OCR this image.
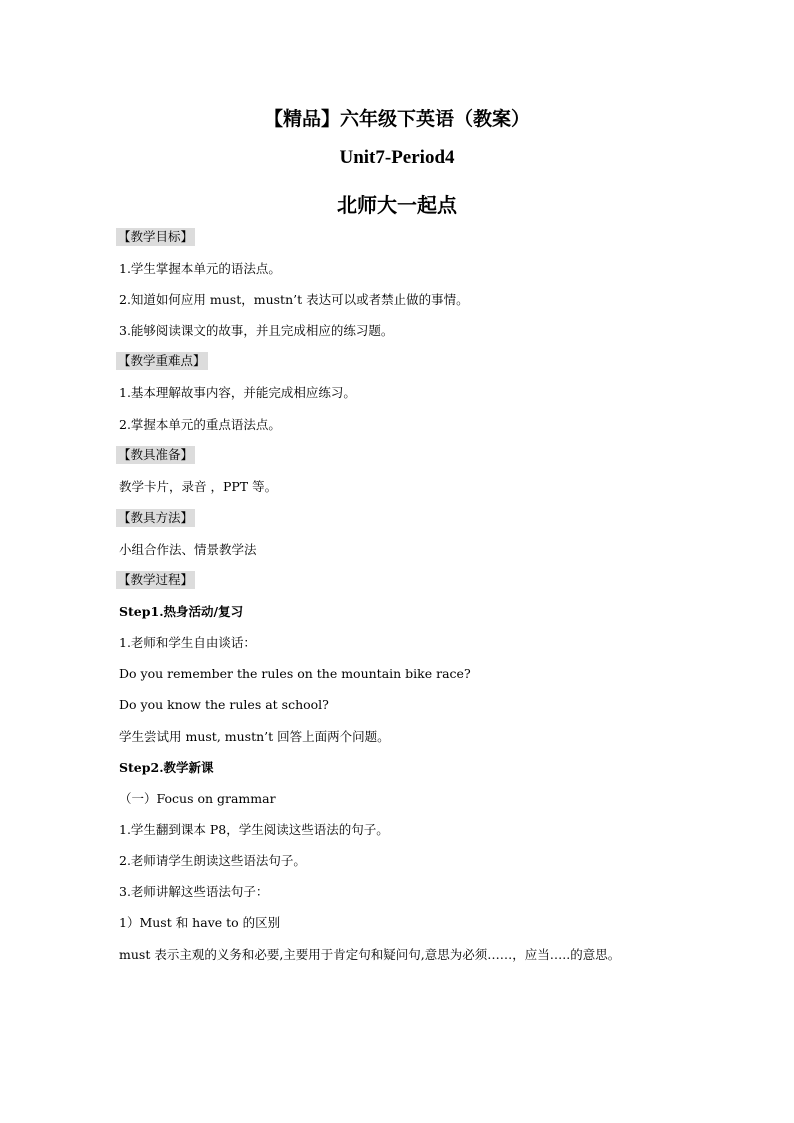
【精品】六年级下英语（教案）
Unit7-Period4
北师大一起点
【教学目标】
1.学生掌握本单元的语法点。
2.知道如何应用 must，mustn’t 表达可以或者禁止做的事情。
3.能够阅读课文的故事，并且完成相应的练习题。
【教学重难点】
1.基本理解故事内容，并能完成相应练习。
2.掌握本单元的重点语法点。
【教具准备】
教学卡片，录音 ，PPT 等。
【教具方法】
小组合作法、情景教学法
【教学过程】
Step1.热身活动/复习
1.老师和学生自由谈话：
Do you remember the rules on the mountain bike race?
Do you know the rules at school?
学生尝试用 must, mustn’t 回答上面两个问题。
Step2.教学新课
（一）Focus on grammar
1.学生翻到课本 P8，学生阅读这些语法的句子。
2.老师请学生朗读这些语法句子。
3.老师讲解这些语法句子：
1）Must 和 have to 的区别
must 表示主观的义务和必要,主要用于肯定句和疑问句,意思为必须……，应当…..的意思。
